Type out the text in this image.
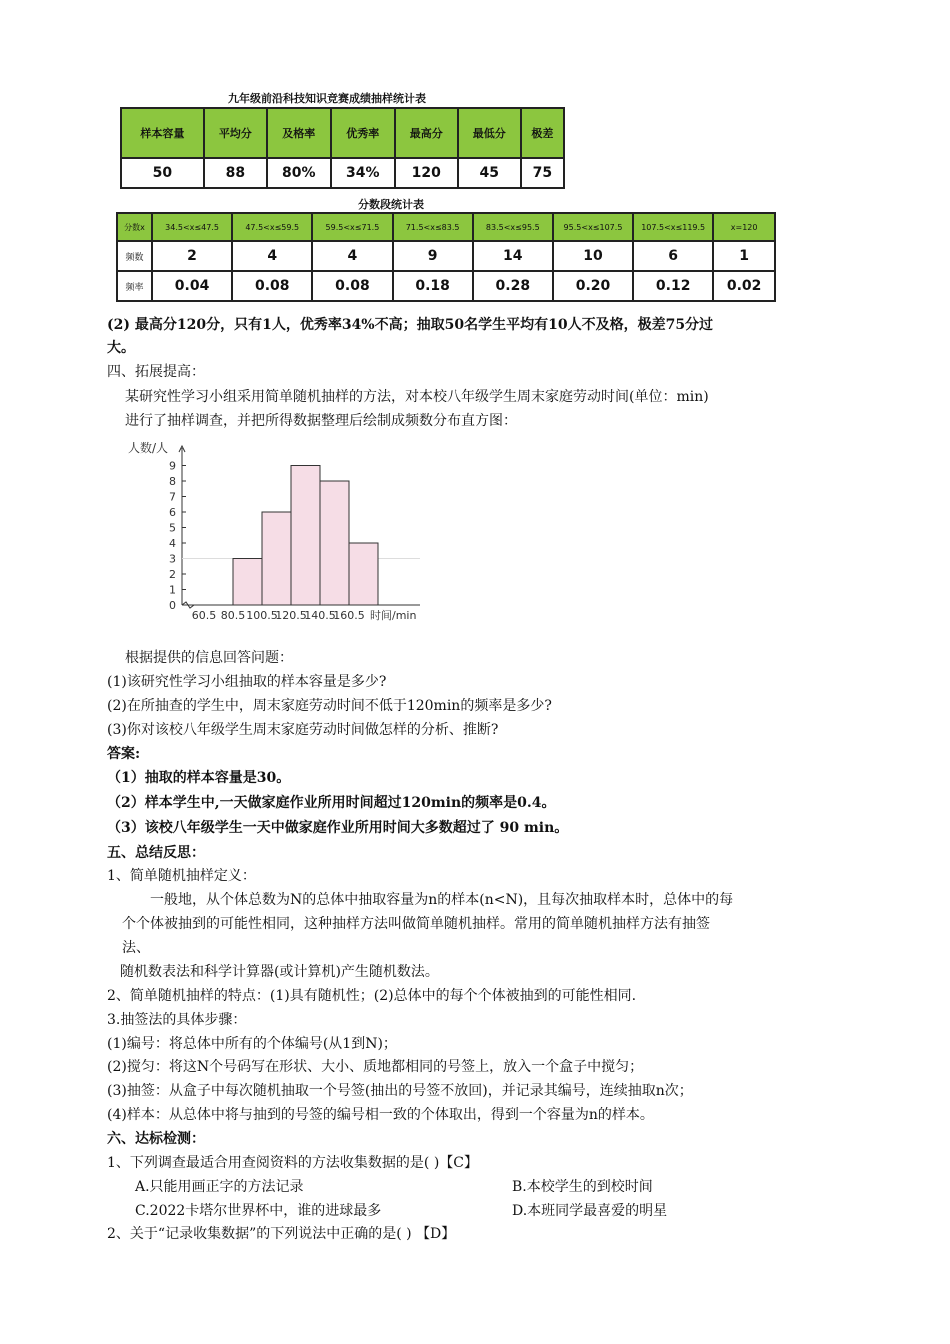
九年级前沿科技知识竞赛成绩抽样统计表
样本容量	平均分	及格率	优秀率	最高分	最低分	极差
50	88	80%	34%	120	45	75
分数段统计表
分数x	34.5<x≤47.5	47.5<x≤59.5	59.5<x≤71.5	71.5<x≤83.5	83.5<x≤95.5	95.5<x≤107.5	107.5<x≤119.5	x=120
频数	2	4	4	9	14	10	6	1
频率	0.04	0.08	0.08	0.18	0.28	0.20	0.12	0.02
(2) 最高分120分，只有1人，优秀率34%不高；抽取50名学生平均有10人不及格，极差75分过
大。
四、拓展提高：
某研究性学习小组采用简单随机抽样的方法，对本校八年级学生周末家庭劳动时间(单位：min)
进行了抽样调查，并把所得数据整理后绘制成频数分布直方图：
人数/人
0
1
2
3
4
5
6
7
8
9
60.5 80.5 100.5
120.5
140.5
160.5 时间/min
根据提供的信息回答问题：
(1)该研究性学习小组抽取的样本容量是多少?
(2)在所抽查的学生中，周末家庭劳动时间不低于120min的频率是多少?
(3)你对该校八年级学生周末家庭劳动时间做怎样的分析、推断?
答案:
（1）抽取的样本容量是30。
（2）样本学生中,一天做家庭作业所用时间超过120min的频率是0.4。
（3）该校八年级学生一天中做家庭作业所用时间大多数超过了 90 min。
五、总结反思：
1、简单随机抽样定义：
一般地，从个体总数为N的总体中抽取容量为n的样本(n<N)，且每次抽取样本时，总体中的每
个个体被抽到的可能性相同，这种抽样方法叫做简单随机抽样。常用的简单随机抽样方法有抽签
法、
随机数表法和科学计算器(或计算机)产生随机数法。
2、简单随机抽样的特点：(1)具有随机性；(2)总体中的每个个体被抽到的可能性相同.
3.抽签法的具体步骤：
(1)编号：将总体中所有的个体编号(从1到N)；
(2)搅匀：将这N个号码写在形状、大小、质地都相同的号签上，放入一个盒子中搅匀；
(3)抽签：从盒子中每次随机抽取一个号签(抽出的号签不放回)，并记录其编号，连续抽取n次；
(4)样本：从总体中将与抽到的号签的编号相一致的个体取出，得到一个容量为n的样本。
六、达标检测：
1、下列调查最适合用查阅资料的方法收集数据的是( )【C】
A.只能用画正字的方法记录	B.本校学生的到校时间
C.2022卡塔尔世界杯中，谁的进球最多	D.本班同学最喜爱的明星
2、关于“记录收集数据”的下列说法中正确的是( ) 【D】
